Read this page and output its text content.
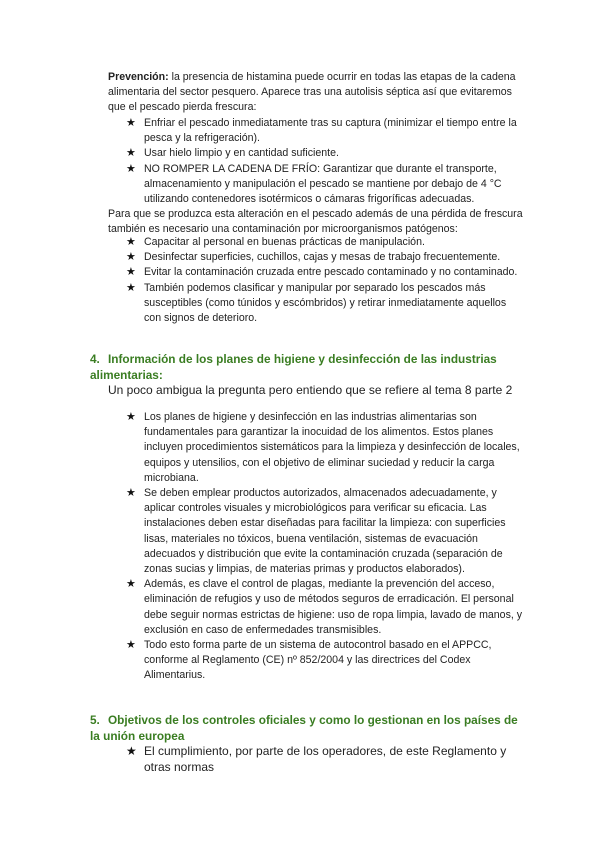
Prevención: la presencia de histamina puede ocurrir en todas las etapas de la cadena alimentaria del sector pesquero. Aparece tras una autolisis séptica así que evitaremos que el pescado pierda frescura:

★ Enfriar el pescado inmediatamente tras su captura (minimizar el tiempo entre la pesca y la refrigeración).
★ Usar hielo limpio y en cantidad suficiente.
★ NO ROMPER LA CADENA DE FRÍO: Garantizar que durante el transporte, almacenamiento y manipulación el pescado se mantiene por debajo de 4 °C utilizando contenedores isotérmicos o cámaras frigoríficas adecuadas.

Para que se produzca esta alteración en el pescado además de una pérdida de frescura también es necesario una contaminación por microorganismos patógenos:

★ Capacitar al personal en buenas prácticas de manipulación.
★ Desinfectar superficies, cuchillos, cajas y mesas de trabajo frecuentemente.
★ Evitar la contaminación cruzada entre pescado contaminado y no contaminado.
★ También podemos clasificar y manipular por separado los pescados más susceptibles (como túnidos y escómbridos) y retirar inmediatamente aquellos con signos de deterioro.
4. Información de los planes de higiene y desinfección de las industrias alimentarias:

Un poco ambigua la pregunta pero entiendo que se refiere al tema 8 parte 2

★ Los planes de higiene y desinfección en las industrias alimentarias son fundamentales para garantizar la inocuidad de los alimentos. Estos planes incluyen procedimientos sistemáticos para la limpieza y desinfección de locales, equipos y utensilios, con el objetivo de eliminar suciedad y reducir la carga microbiana.
★ Se deben emplear productos autorizados, almacenados adecuadamente, y aplicar controles visuales y microbiológicos para verificar su eficacia. Las instalaciones deben estar diseñadas para facilitar la limpieza: con superficies lisas, materiales no tóxicos, buena ventilación, sistemas de evacuación adecuados y distribución que evite la contaminación cruzada (separación de zonas sucias y limpias, de materias primas y productos elaborados).
★ Además, es clave el control de plagas, mediante la prevención del acceso, eliminación de refugios y uso de métodos seguros de erradicación. El personal debe seguir normas estrictas de higiene: uso de ropa limpia, lavado de manos, y exclusión en caso de enfermedades transmisibles.
★ Todo esto forma parte de un sistema de autocontrol basado en el APPCC, conforme al Reglamento (CE) nº 852/2004 y las directrices del Codex Alimentarius.
5. Objetivos de los controles oficiales y como lo gestionan en los países de la unión europea
★ El cumplimiento, por parte de los operadores, de este Reglamento y otras normas
